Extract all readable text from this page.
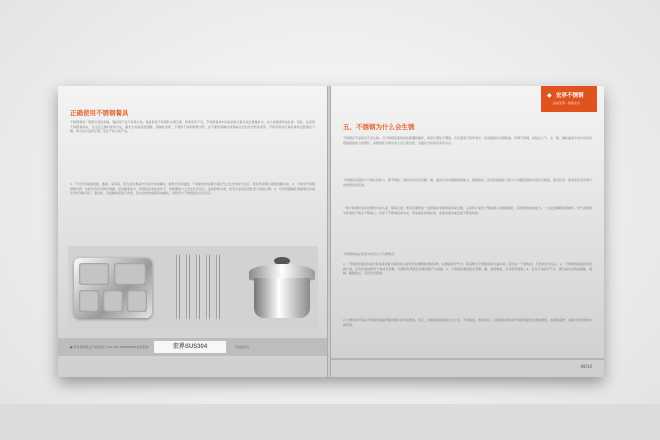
正确使用不锈钢餐具

不锈钢餐具一般都含有铬和镍，镍能使产品不容易生锈，铬是形成不锈钢的关键元素。如果使用不当，不锈钢餐具中的重金属元素可能会慢慢析出，对人体健康造成危害。因此，在使用不锈钢餐具时，应注意正确的使用方法，避免长时间盛放强酸、强碱性食物，不要用不锈钢锅煲中药，也不要用强碱性或强氧化性的化学药剂清洗。平时使用时应保持餐具表面清洁干燥，购买时应选择正规厂家生产的合格产品。

1、不可长时间盛放盐、酱油、菜汤等，因为这些食品中含有许多电解质，如果长时间盛放，不锈钢中的金属元素会与之发生电化学反应，使有毒金属元素被溶解出来。2、不能用不锈钢锅煲中药，中药中含有多种生物碱、有机酸等成分，特别是在加热条件下，很难避免与之发生化学反应，而使药物失效，甚至生成某些毒性更大的络合物。3、切勿用强碱性或强氧化性的化学药剂如苏打、漂白粉、次氯酸钠等进行洗涤，因为这些物质都是电解质，同样会与不锈钢发生化学反应。

● 新世界厨具生产销售部门 Tel: 020-88888888 在线咨询	宏界SUS304	不锈钢系列
◆ 宏界不锈钢
品质先锋 · 健康未来
五、不锈钢为什么会生锈

不锈钢并不是绝对不会生锈。当不锈钢表面的钝化膜遭到破坏，或者长期处于潮湿、含有氯离子的环境中，其表面就会出现锈迹。所谓不锈钢，是指在大气、水、酸、碱和盐等介质中具有较强耐腐蚀能力的钢材，其耐蚀性与钢中的合金元素含量、表面状态和使用条件有关。

不锈钢具有抵抗大气氧化的能力，即不锈性；同时也具有在含酸、碱、盐的介质中耐腐蚀的能力，即耐蚀性。但其抗腐蚀能力的大小是随其钢质本身化学组成、加互状态、使用条件及环境介质类型而改变的。

一般不锈钢材质是在钢材中加入铬、镍等元素，使其表面形成一层极薄而坚固的富铬氧化膜，从而防止氧原子继续渗入和继续氧化，获得抗锈蚀的能力。一旦这层薄膜受到破坏，空气或液体中的氧原子就会不断渗入，铁原子不断地析离出来，形成疏松的氧化铁，金属表面也就受到不断的锈蚀。

不锈钢制品在使用中常见以下几种情况：

1、不锈钢表面积存着含有其他金属元素的粉尘或异类金属颗粒的附着物，在潮湿的空气中，附着物与不锈钢间的冷凝水将二者连成一个微电池，引发电化学反应。2、不锈钢表面粘附有机物汁液，在有水氧的情况下构成有机酸，长期则有机酸对金属表面产生腐蚀。3、不锈钢表面粘附含有酸、碱、盐类物质，引起局部腐蚀。4、在有污染的空气中，遇冷凝水会形成硫酸、硝酸、醋酸液点，引起化学腐蚀。

以上情况均可造成不锈钢表面保护膜的破坏而引发锈蚀。所以，为确保金属表面永久光亮，不被锈蚀，我们建议：必须经常对装饰不锈钢表面进行清洁擦洗，去除附着物，消除引发修饰的外界因素。

09/10
